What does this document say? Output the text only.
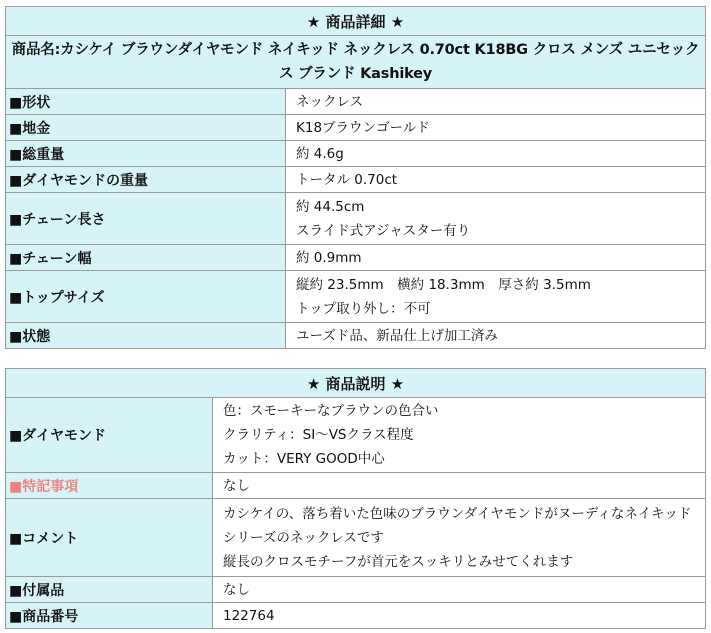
★ 商品詳細 ★	
商品名:カシケイ ブラウンダイヤモンド ネイキッド ネックレス 0.70ct K18BG クロス メンズ ユニセックス ブランド Kashikey	
■形状	ネックレス
■地金	K18ブラウンゴールド
■総重量	約 4.6g
■ダイヤモンドの重量	トータル 0.70ct
■チェーン長さ	約 44.5cm
スライド式アジャスター有り

■チェーン幅	約 0.9mm
■トップサイズ	縦約 23.5mm　横約 18.3mm　厚さ約 3.5mm
トップ取り外し：不可

■状態	ユーズド品、新品仕上げ加工済み
★ 商品説明 ★	
■ダイヤモンド	色：スモーキーなブラウンの色合い
クラリティ：SI～VSクラス程度
カット：VERY GOOD中心

■特記事項	なし
■コメント	カシケイの、落ち着いた色味のブラウンダイヤモンドがヌーディなネイキッドシリーズのネックレスです
縦長のクロスモチーフが首元をスッキリとみせてくれます

■付属品	なし
■商品番号	122764
